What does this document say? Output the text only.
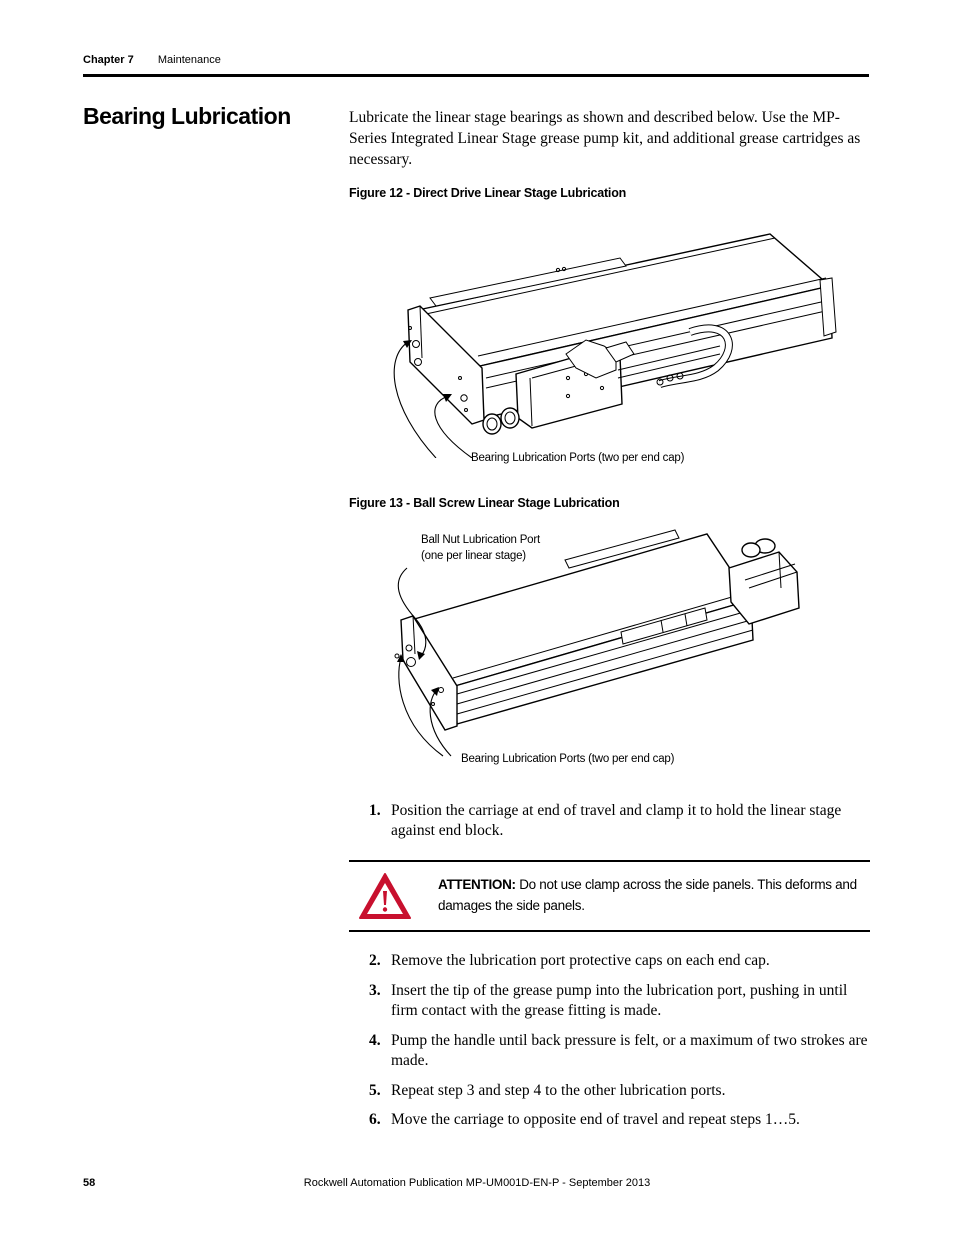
Chapter 7 Maintenance
Bearing Lubrication	Lubricate the linear stage bearings as shown and described below. Use the MP-Series Integrated Linear Stage grease pump kit, and additional grease cartridges as necessary.
Figure 12 - Direct Drive Linear Stage Lubrication
Bearing Lubrication Ports (two per end cap)
Figure 13 - Ball Screw Linear Stage Lubrication
Ball Nut Lubrication Port
(one per linear stage)
Bearing Lubrication Ports (two per end cap)
1. Position the carriage at end of travel and clamp it to hold the linear stage against end block.
ATTENTION: Do not use clamp across the side panels. This deforms and damages the side panels.
2. Remove the lubrication port protective caps on each end cap.
3. Insert the tip of the grease pump into the lubrication port, pushing in until firm contact with the grease fitting is made.
4. Pump the handle until back pressure is felt, or a maximum of two strokes are made.
5. Repeat step 3 and step 4 to the other lubrication ports.
6. Move the carriage to opposite end of travel and repeat steps 1…5.
58	Rockwell Automation Publication MP-UM001D-EN-P - September 2013
